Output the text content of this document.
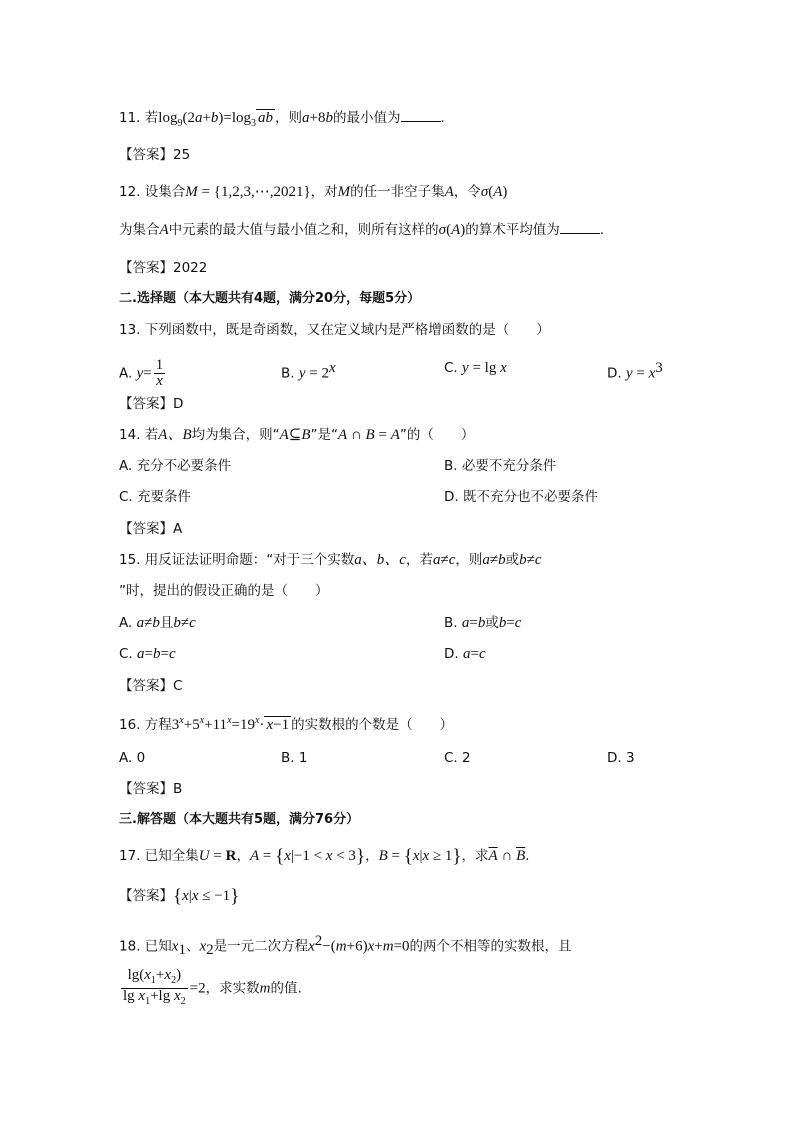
11. 若$\log_9(2a+b)=\log_3$ ab ，则a+8b的最小值为	.
【答案】25
12. 设集合M = {1,2,3,⋯,2021}，对M的任一非空子集A，令σ(A)
为集合A中元素的最大值与最小值之和，则所有这样的σ(A)的算术平均值为	.
【答案】2022
二.选择题（本大题共有4题，满分20分，每题5分）
13. 下列函数中，既是奇函数，又在定义域内是严格增函数的是（　　）
A. $y= \frac{1}{x}$	B. $y = 2^x$	C. y = lg x	D. $y = x^3$
【答案】D
14. 若A、B均为集合，则“A⊆B”是“A ∩ B = A”的（　　）
A. 充分不必要条件	B. 必要不充分条件
C. 充要条件	D. 既不充分也不必要条件
【答案】A
15. 用反证法证明命题：“对于三个实数a、b、c，若a≠c，则a≠b或b≠c
”时，提出的假设正确的是（　　）
A. a≠b且b≠c	B. a=b或b=c
C. a=b=c	D. a=c
【答案】C
16. 方程$3^x+5^x+11^x=19^x\cdot x-1$ 的实数根的个数是（　　）
A. 0	B. 1	C. 2	D. 3
【答案】B
三.解答题（本大题共有5题，满分76分）
17. 已知全集U = R，A = {x|−1 < x < 3}，B = {x|x ≥ 1}，求$\overline{A}$ ∩ $\overline{B}$.
【答案】{x|x ≤ −1}
18. 已知$x_1$、$x_2$是一元二次方程$x^2-(m+6)x+m=0$的两个不相等的实数根，且
$\frac{\lg(x_1+x_2)}{\lg x_1+\lg x_2} =2$，求实数m的值.
